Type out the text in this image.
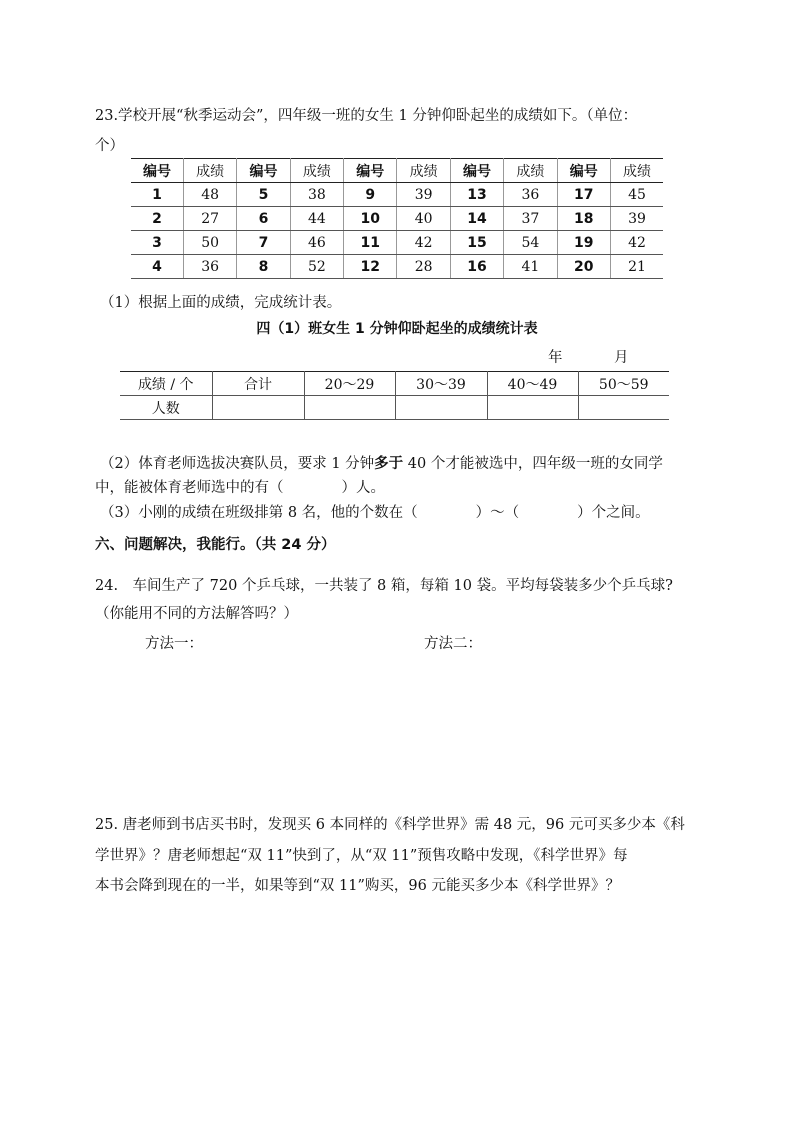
23.学校开展“秋季运动会”，四年级一班的女生 1 分钟仰卧起坐的成绩如下。（单位：
个）
编号	成绩	编号	成绩	编号	成绩	编号	成绩	编号	成绩
1	48	5	38	9	39	13	36	17	45
2	27	6	44	10	40	14	37	18	39
3	50	7	46	11	42	15	54	19	42
4	36	8	52	12	28	16	41	20	21
（1）根据上面的成绩，完成统计表。
四（1）班女生 1 分钟仰卧起坐的成绩统计表
年	月
成绩 / 个	合计	20～29	30～39	40～49	50～59
人数					
（2）体育老师选拔决赛队员，要求 1 分钟多于 40 个才能被选中，四年级一班的女同学
中，能被体育老师选中的有（　　　　）人。
（3）小刚的成绩在班级排第 8 名，他的个数在（　　　　）～（　　　　）个之间。
六、问题解决，我能行。（共 24 分）
24.　车间生产了 720 个乒乓球，一共装了 8 箱，每箱 10 袋。平均每袋装多少个乒乓球?
（你能用不同的方法解答吗？）
方法一：	方法二：
25. 唐老师到书店买书时，发现买 6 本同样的《科学世界》需 48 元，96 元可买多少本《科
学世界》？唐老师想起“双 11”快到了，从“双 11”预售攻略中发现，《科学世界》每
本书会降到现在的一半，如果等到“双 11”购买，96 元能买多少本《科学世界》？
